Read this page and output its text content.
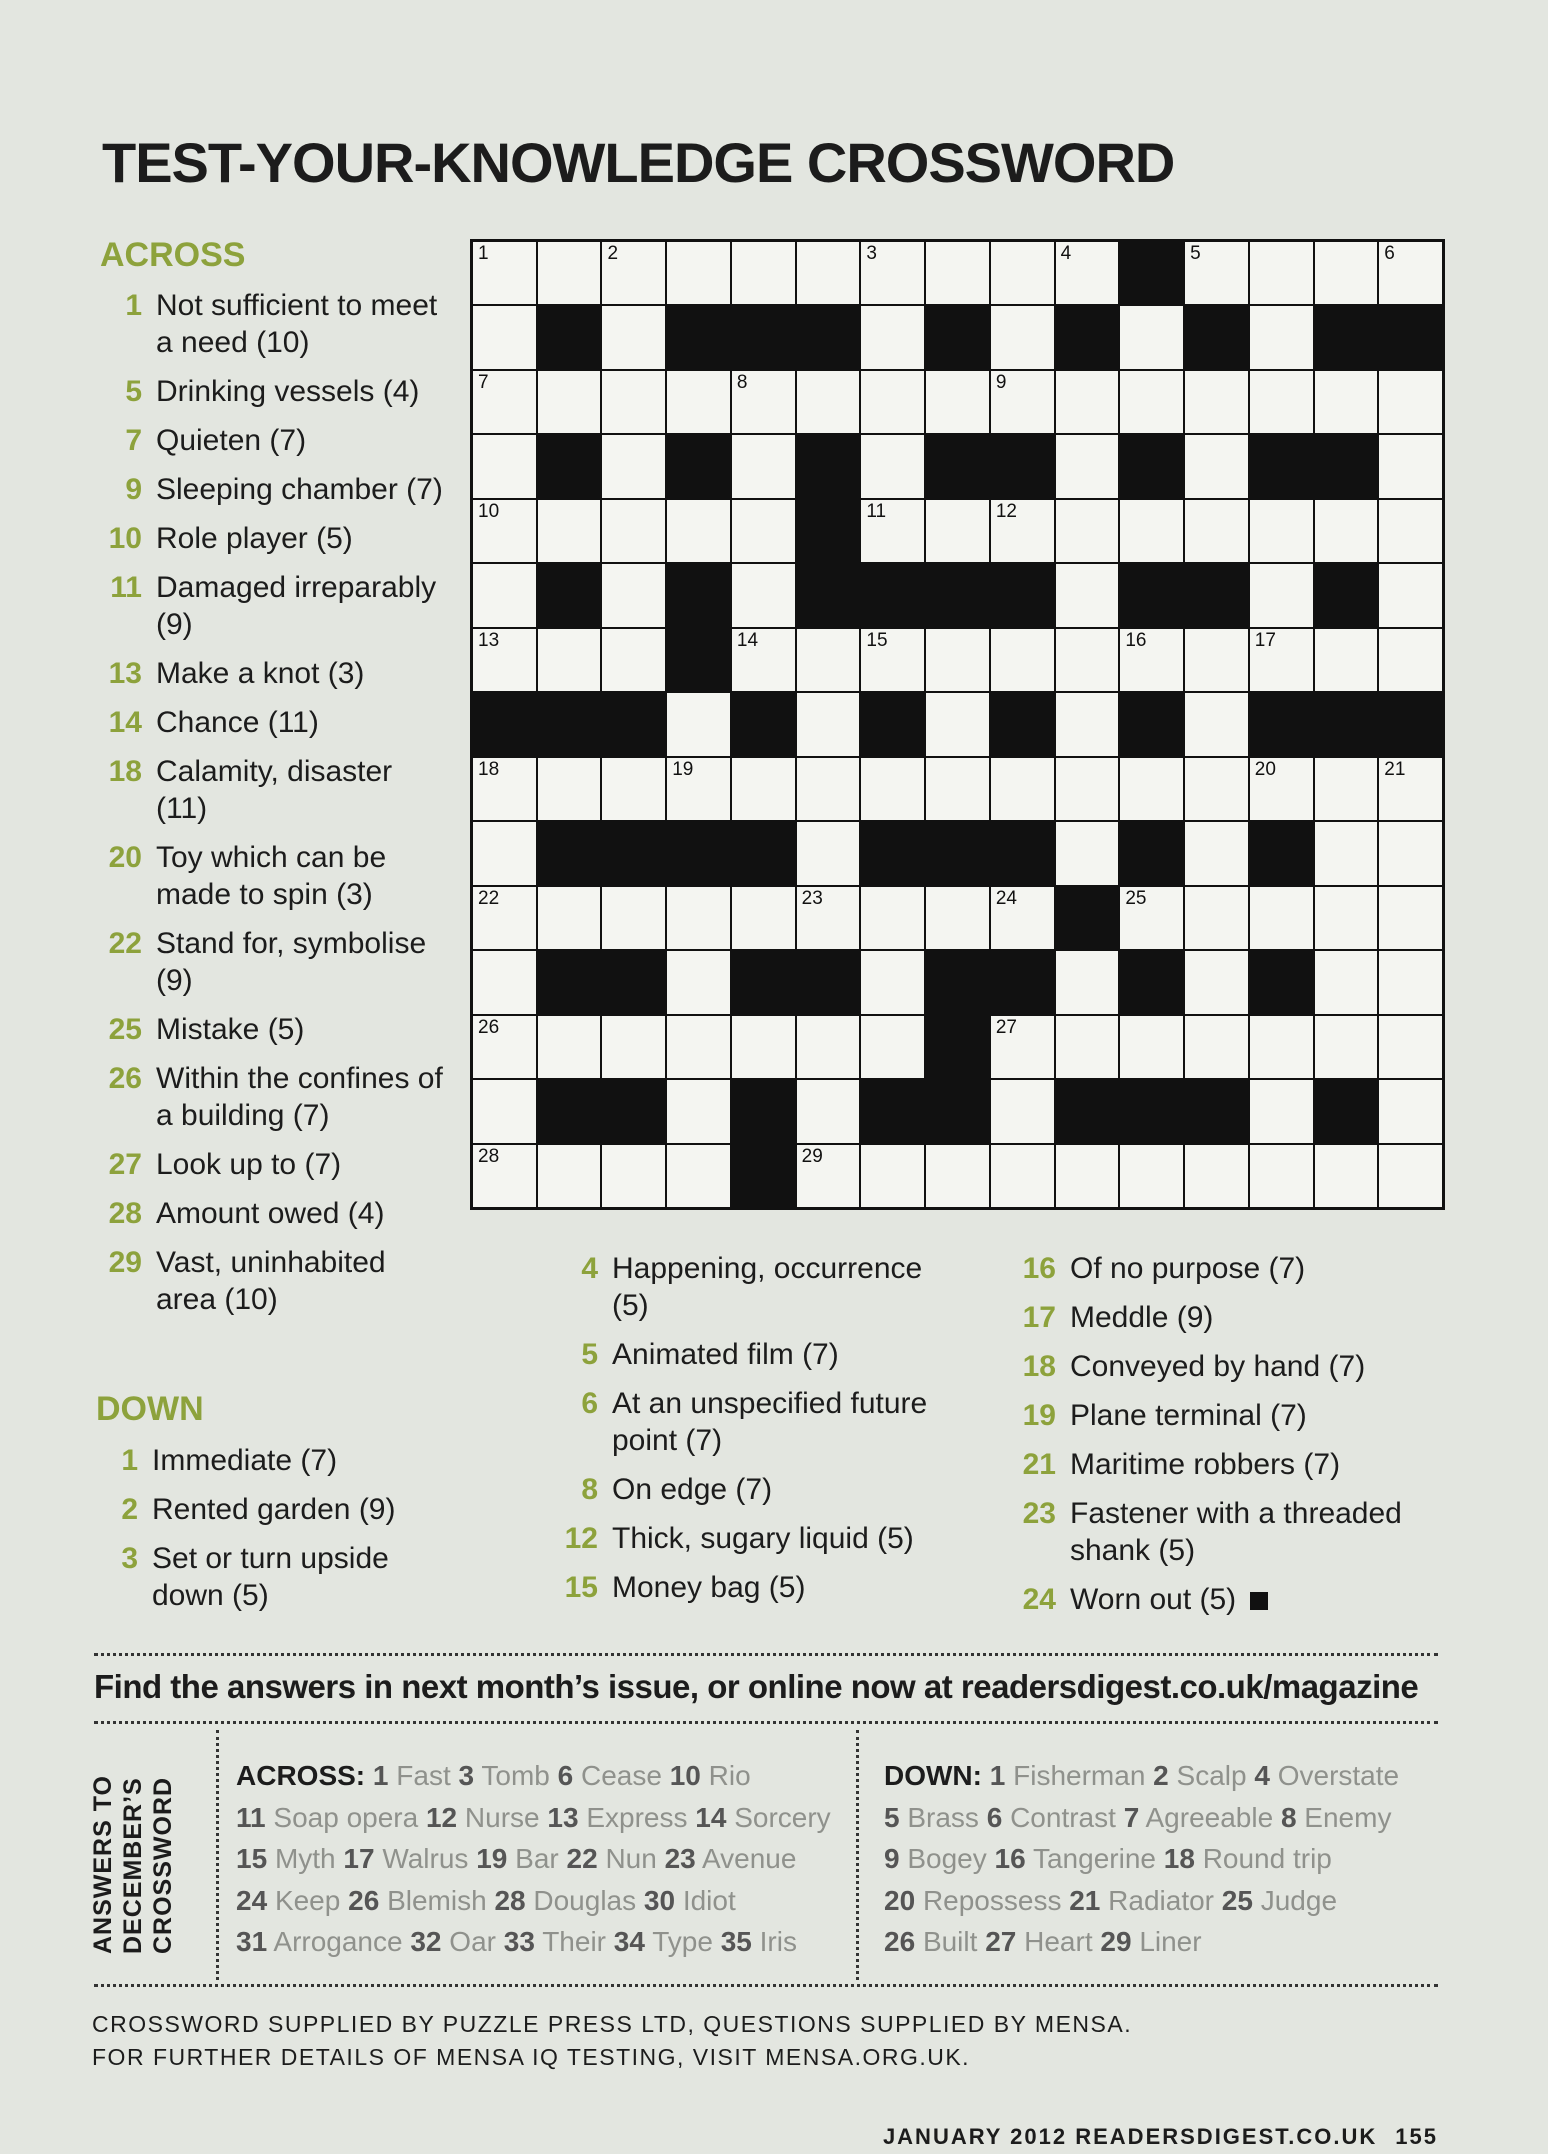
TEST-YOUR-KNOWLEDGE CROSSWORD
ACROSS
1 Not sufficient to meet a need (10)
5 Drinking vessels (4)
7 Quieten (7)
9 Sleeping chamber (7)
10 Role player (5)
11 Damaged irreparably (9)
13 Make a knot (3)
14 Chance (11)
18 Calamity, disaster (11)
20 Toy which can be made to spin (3)
22 Stand for, symbolise (9)
25 Mistake (5)
26 Within the confines of a building (7)
27 Look up to (7)
28 Amount owed (4)
29 Vast, uninhabited area (10)
DOWN
1 Immediate (7)
2 Rented garden (9)
3 Set or turn upside down (5)
4 Happening, occurrence (5)
5 Animated film (7)
6 At an unspecified future point (7)
8 On edge (7)
12 Thick, sugary liquid (5)
15 Money bag (5)
16 Of no purpose (7)
17 Meddle (9)
18 Conveyed by hand (7)
19 Plane terminal (7)
21 Maritime robbers (7)
23 Fastener with a threaded shank (5)
24 Worn out (5)
1	2	3	4	5	6
7	8	9
10	11	12
13	14	15	16	17
18	19	20	21
22	23	24	25
26	27
28	29

Find the answers in next month’s issue, or online now at readersdigest.co.uk/magazine

ANSWERS TO DECEMBER’S CROSSWORD
ACROSS: 1 Fast 3 Tomb 6 Cease 10 Rio
11 Soap opera 12 Nurse 13 Express 14 Sorcery
15 Myth 17 Walrus 19 Bar 22 Nun 23 Avenue
24 Keep 26 Blemish 28 Douglas 30 Idiot
31 Arrogance 32 Oar 33 Their 34 Type 35 Iris
DOWN: 1 Fisherman 2 Scalp 4 Overstate
5 Brass 6 Contrast 7 Agreeable 8 Enemy
9 Bogey 16 Tangerine 18 Round trip
20 Repossess 21 Radiator 25 Judge
26 Built 27 Heart 29 Liner

CROSSWORD SUPPLIED BY PUZZLE PRESS LTD, QUESTIONS SUPPLIED BY MENSA.
FOR FURTHER DETAILS OF MENSA IQ TESTING, VISIT MENSA.ORG.UK.

JANUARY 2012 READERSDIGEST.CO.UK 155
